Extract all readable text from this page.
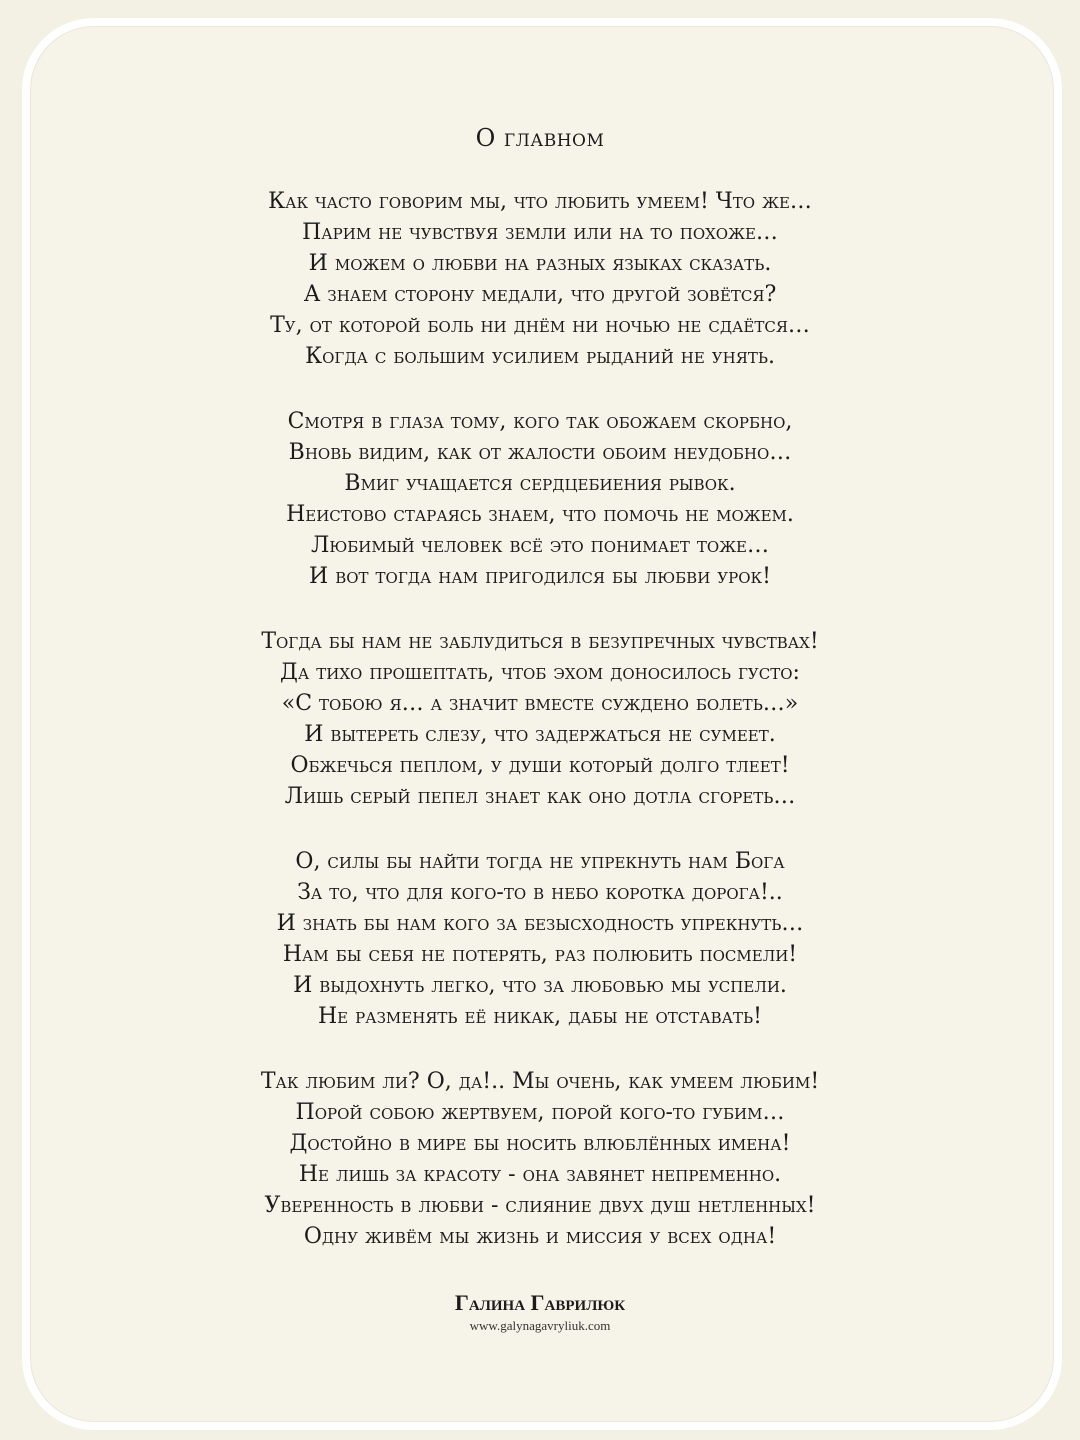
О главном
Как часто говорим мы, что любить умеем! Что же…
Парим не чувствуя земли или на то похоже…
И можем о любви на разных языках сказать.
А знаем сторону медали, что другой зовётся?
Ту, от которой боль ни днём ни ночью не сдаётся…
Когда с большим усилием рыданий не унять.
Смотря в глаза тому, кого так обожаем скорбно,
Вновь видим, как от жалости обоим неудобно…
Вмиг учащается сердцебиения рывок.
Неистово стараясь знаем, что помочь не можем.
Любимый человек всё это понимает тоже…
И вот тогда нам пригодился бы любви урок!
Тогда бы нам не заблудиться в безупречных чувствах!
Да тихо прошептать, чтоб эхом доносилось густо:
«С тобою я… а значит вместе суждено болеть…»
И вытереть слезу, что задержаться не сумеет.
Обжечься пеплом, у души который долго тлеет!
Лишь серый пепел знает как оно дотла сгореть…
О, силы бы найти тогда не упрекнуть нам Бога
За то, что для кого-то в небо коротка дорога!..
И знать бы нам кого за безысходность упрекнуть…
Нам бы себя не потерять, раз полюбить посмели!
И выдохнуть легко, что за любовью мы успели.
Не разменять её никак, дабы не отставать!
Так любим ли? О, да!.. Мы очень, как умеем любим!
Порой собою жертвуем, порой кого-то губим…
Достойно в мире бы носить влюблённых имена!
Не лишь за красоту - она завянет непременно.
Уверенность в любви - слияние двух душ нетленных!
Одну живём мы жизнь и миссия у всех одна!
Галина Гаврилюк
www.galynagavryliuk.com
